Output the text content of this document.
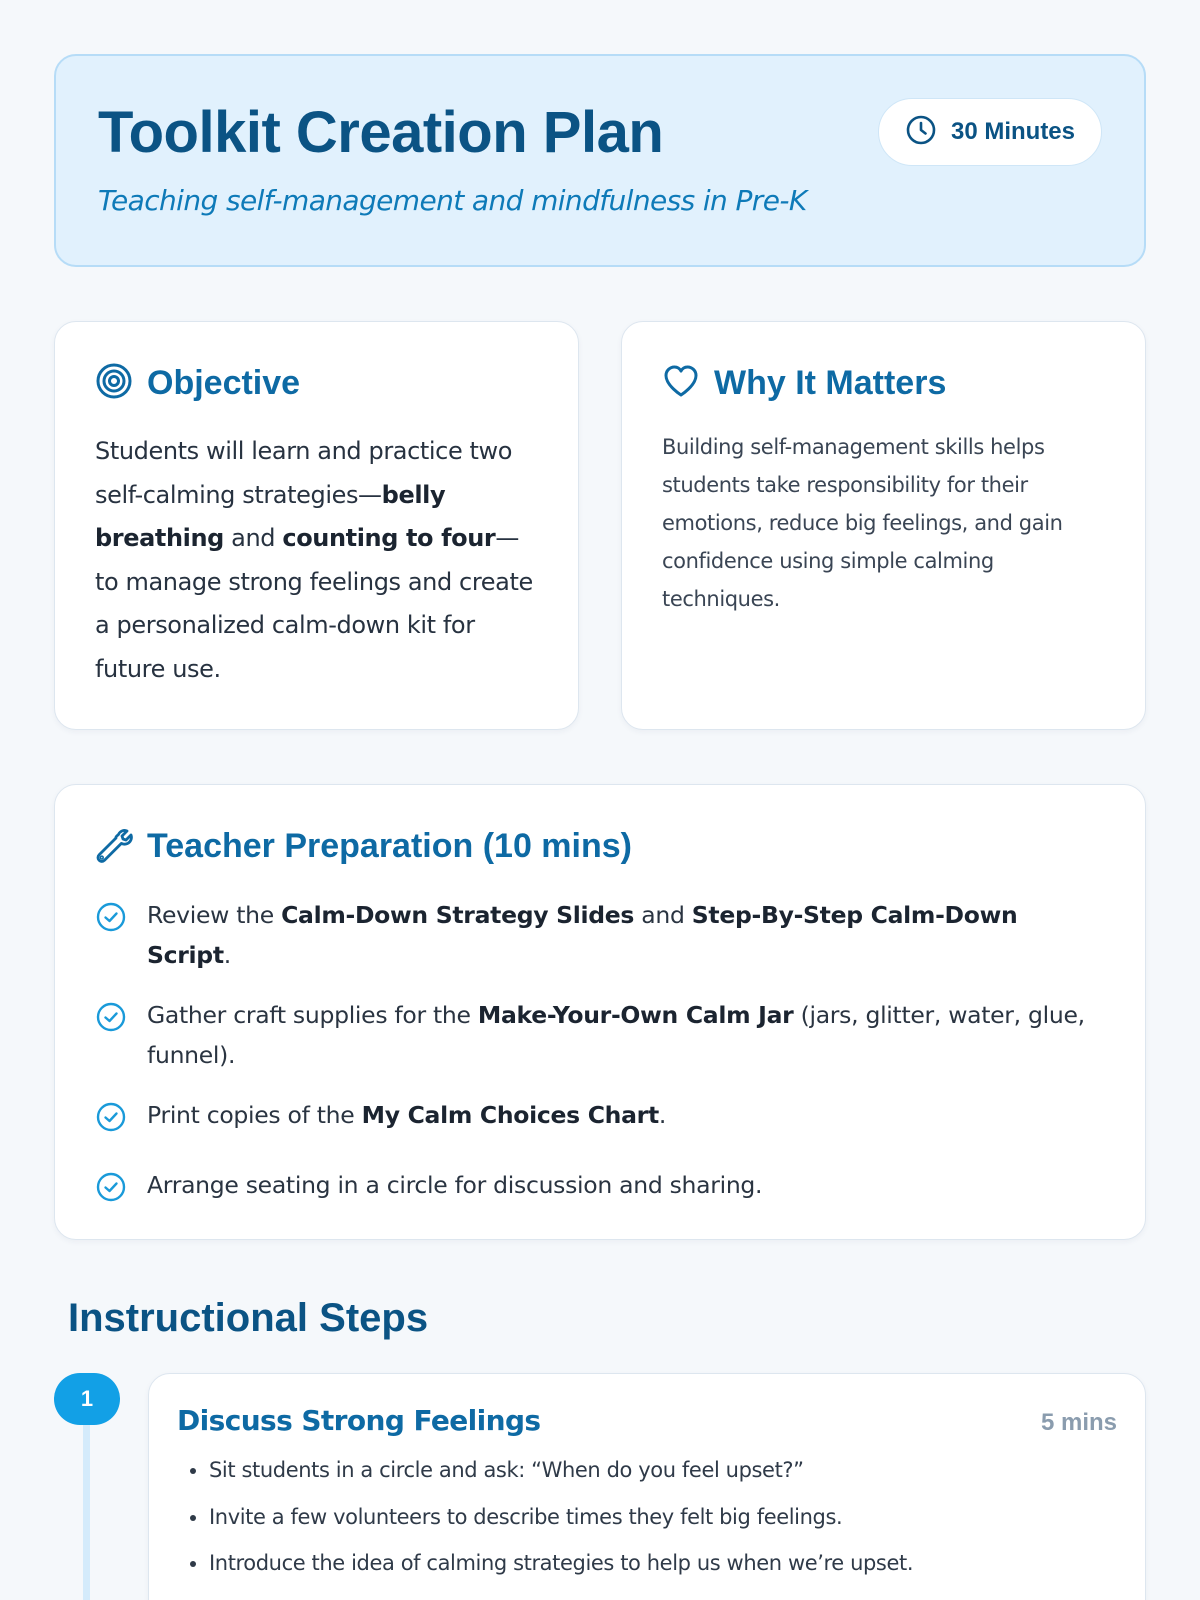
Toolkit Creation Plan
Teaching self-management and mindfulness in Pre-K
30 Minutes
Objective

Students will learn and practice two self-calming strategies—belly breathing and counting to four—to manage strong feelings and create a personalized calm-down kit for future use.

Why It Matters

Building self-management skills helps students take responsibility for their emotions, reduce big feelings, and gain confidence using simple calming techniques.

Teacher Preparation (10 mins)
Review the Calm-Down Strategy Slides and Step-By-Step Calm-Down Script.
Gather craft supplies for the Make-Your-Own Calm Jar (jars, glitter, water, glue, funnel).
Print copies of the My Calm Choices Chart.
Arrange seating in a circle for discussion and sharing.
Instructional Steps
1
Discuss Strong Feelings	5 mins
• Sit students in a circle and ask: “When do you feel upset?”
• Invite a few volunteers to describe times they felt big feelings.
• Introduce the idea of calming strategies to help us when we’re upset.
